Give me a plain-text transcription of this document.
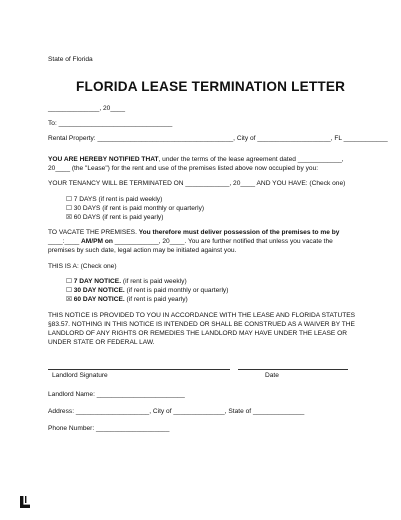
State of Florida
FLORIDA LEASE TERMINATION LETTER
______________, 20____
To: _______________________________
Rental Property: _____________________________________, City of ____________________, FL ____________
YOU ARE HEREBY NOTIFIED THAT, under the terms of the lease agreement dated ____________,
20____ (the "Lease") for the rent and use of the premises listed above now occupied by you:
YOUR TENANCY WILL BE TERMINATED ON ____________, 20____ AND YOU HAVE: (Check one)
☐ 7 DAYS (if rent is paid weekly)
☐ 30 DAYS (if rent is paid monthly or quarterly)
☒ 60 DAYS (if rent is paid yearly)
TO VACATE THE PREMISES. You therefore must deliver possession of the premises to me by
____:____ AM/PM on ____________, 20____. You are further notified that unless you vacate the
premises by such date, legal action may be initiated against you.
THIS IS A: (Check one)
☐ 7 DAY NOTICE. (if rent is paid weekly)
☐ 30 DAY NOTICE. (if rent is paid monthly or quarterly)
☒ 60 DAY NOTICE. (if rent is paid yearly)
THIS NOTICE IS PROVIDED TO YOU IN ACCORDANCE WITH THE LEASE AND FLORIDA STATUTES
§83.57. NOTHING IN THIS NOTICE IS INTENDED OR SHALL BE CONSTRUED AS A WAIVER BY THE
LANDLORD OF ANY RIGHTS OR REMEDIES THE LANDLORD MAY HAVE UNDER THE LEASE OR
UNDER STATE OR FEDERAL LAW.
Landlord Signature	Date
Landlord Name: ________________________
Address: ____________________, City of ______________, State of ______________
Phone Number: ____________________
